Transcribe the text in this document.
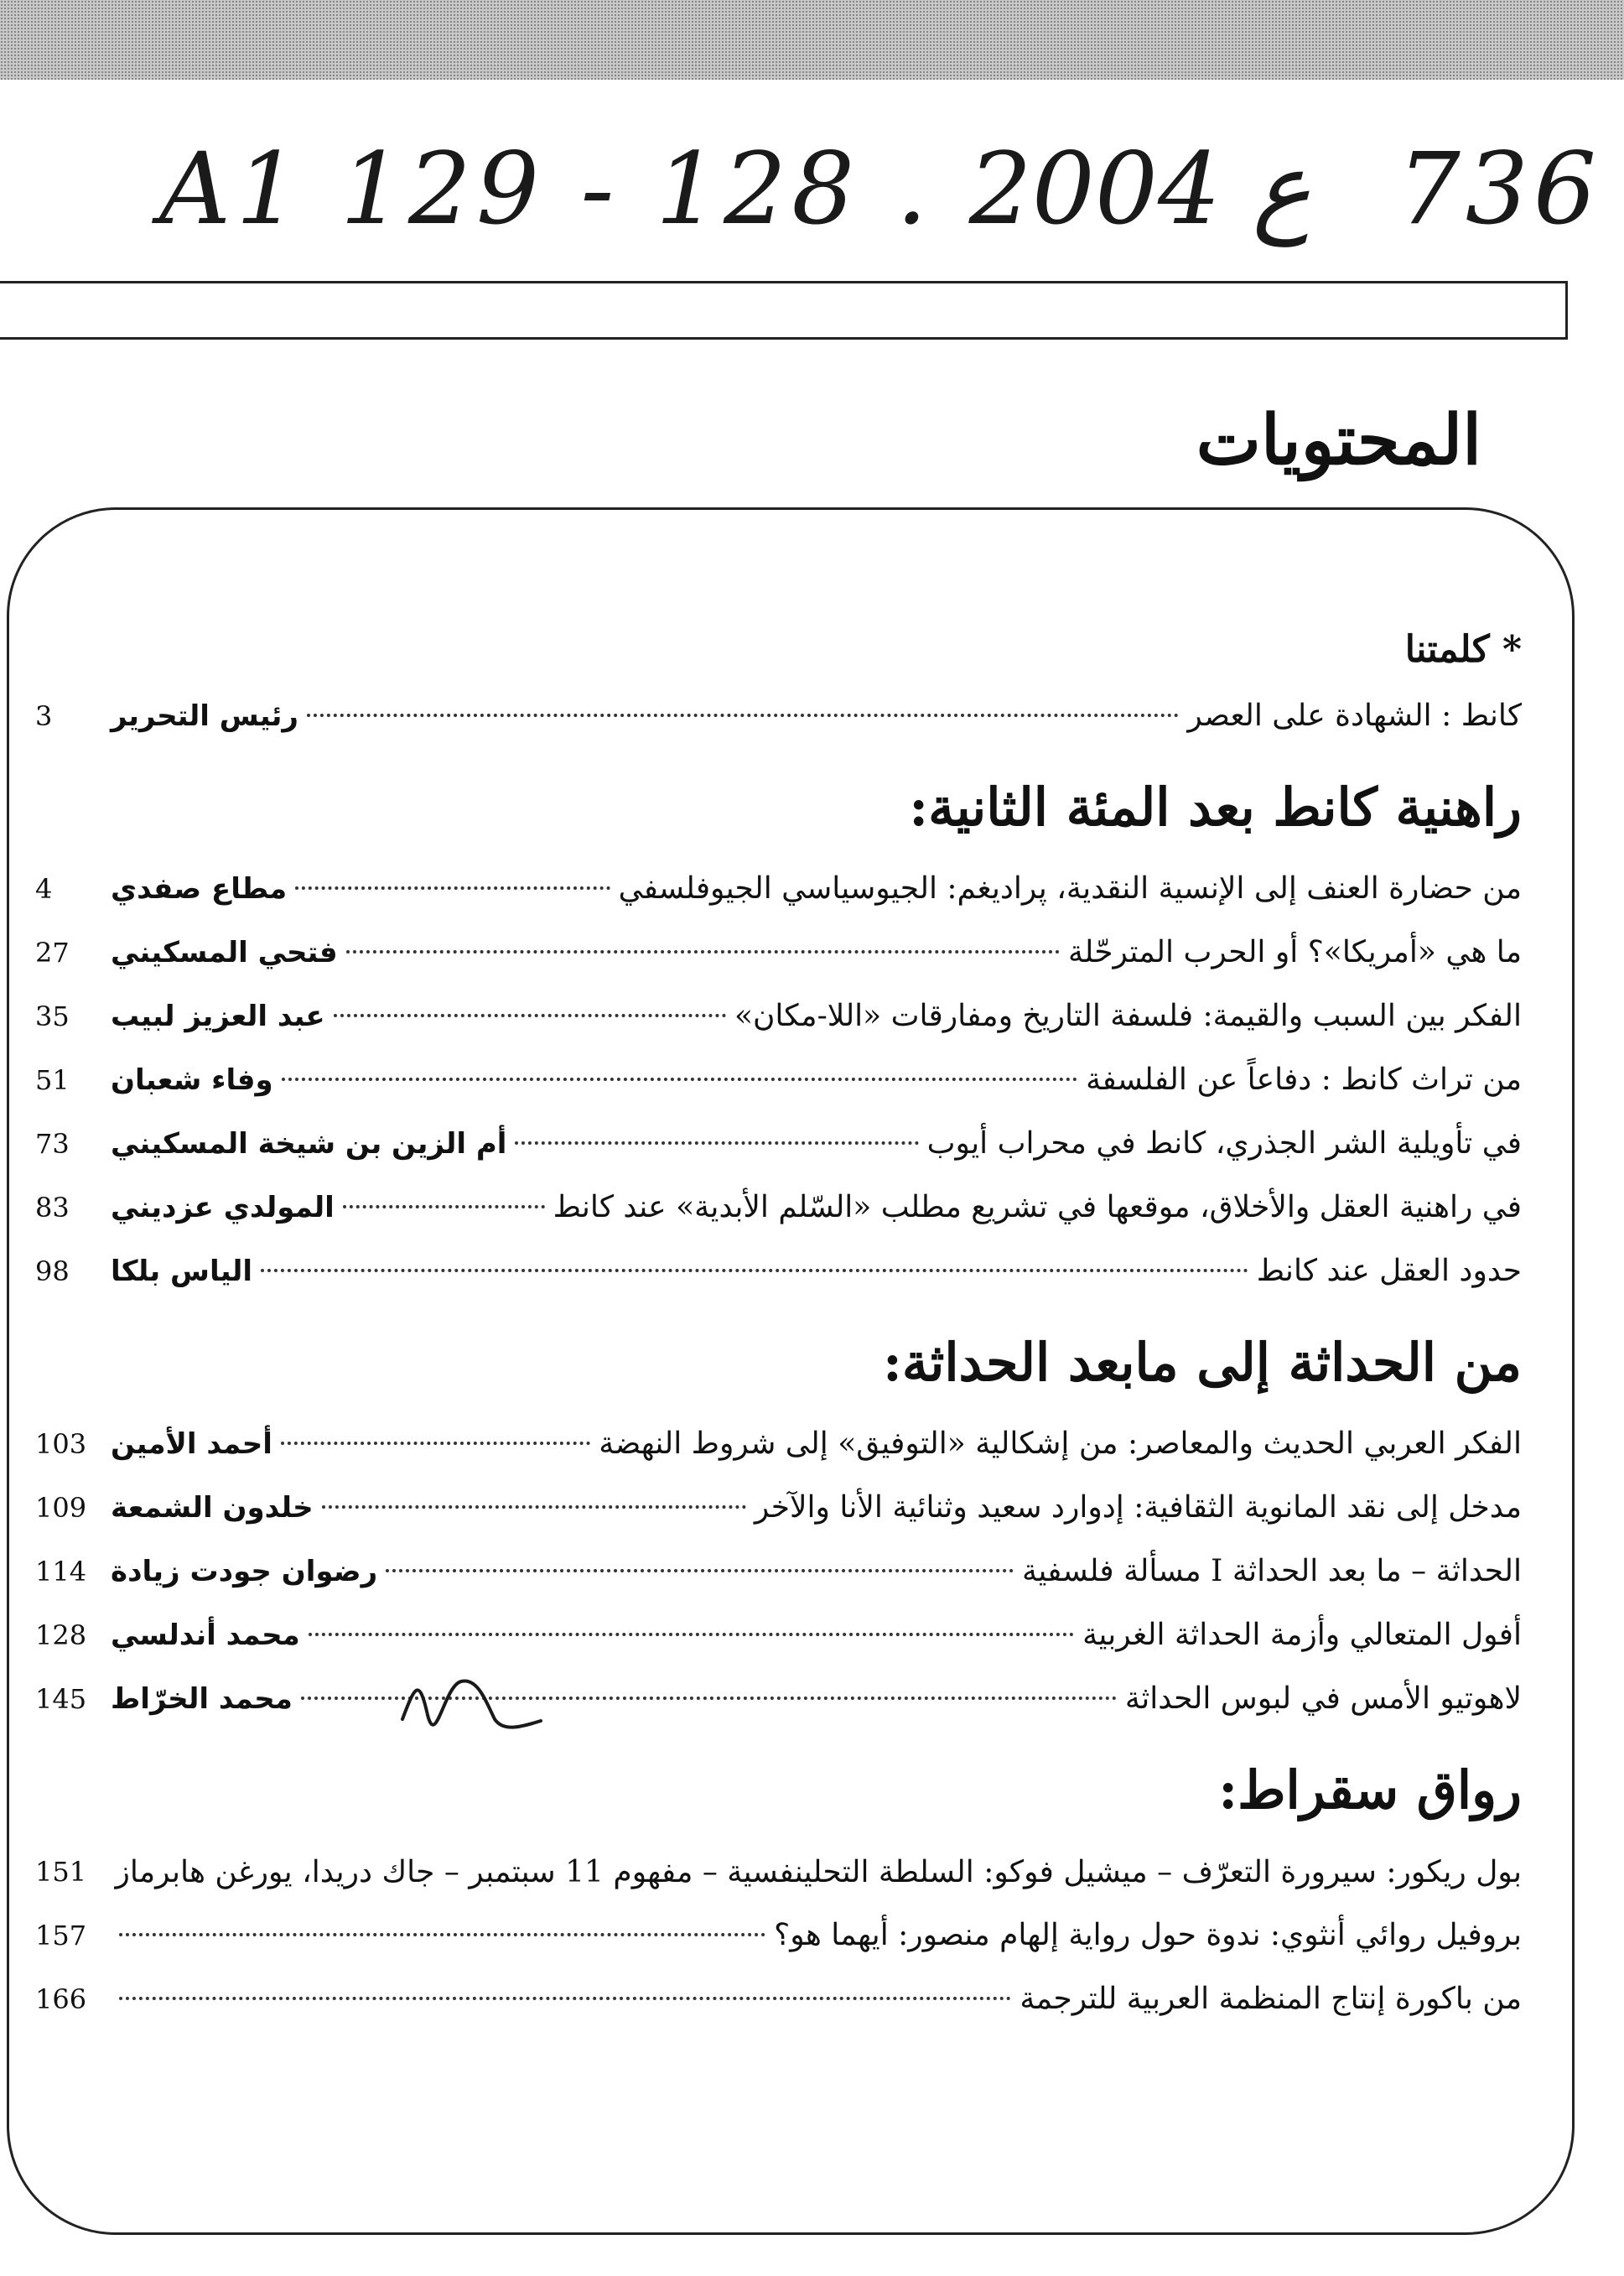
A1 129 - 128 . ع 2004 736
المحتويات
* كلمتنا
كانط : الشهادة على العصر
رئيس التحرير
3
راهنية كانط بعد المئة الثانية:
من حضارة العنف إلى الإنسية النقدية، پراديغم: الجيوسياسي الجيوفلسفي
مطاع صفدي
4
ما هي «أمريكا»؟ أو الحرب المترحّلة
فتحي المسكيني
27
الفكر بين السبب والقيمة: فلسفة التاريخ ومفارقات «اللا-مكان»
عبد العزيز لبيب
35
من تراث كانط : دفاعاً عن الفلسفة
وفاء شعبان
51
في تأويلية الشر الجذري، كانط في محراب أيوب
أم الزين بن شيخة المسكيني
73
في راهنية العقل والأخلاق، موقعها في تشريع مطلب «السّلم الأبدية» عند كانط
المولدي عزديني
83
حدود العقل عند كانط
الياس بلكا
98
من الحداثة إلى مابعد الحداثة:
الفكر العربي الحديث والمعاصر: من إشكالية «التوفيق» إلى شروط النهضة
أحمد الأمين
103
مدخل إلى نقد المانوية الثقافية: إدوارد سعيد وثنائية الأنا والآخر
خلدون الشمعة
109
الحداثة – ما بعد الحداثة I مسألة فلسفية
رضوان جودت زيادة
114
أفول المتعالي وأزمة الحداثة الغربية
محمد أندلسي
128
لاهوتيو الأمس في لبوس الحداثة
محمد الخرّاط
145
رواق سقراط:
بول ريكور: سيرورة التعرّف – ميشيل فوكو: السلطة التحلينفسية – مفهوم 11 سبتمبر – جاك دريدا، يورغن هابرماز
151
بروفيل روائي أنثوي: ندوة حول رواية إلهام منصور: أيهما هو؟
157
من باكورة إنتاج المنظمة العربية للترجمة
166
